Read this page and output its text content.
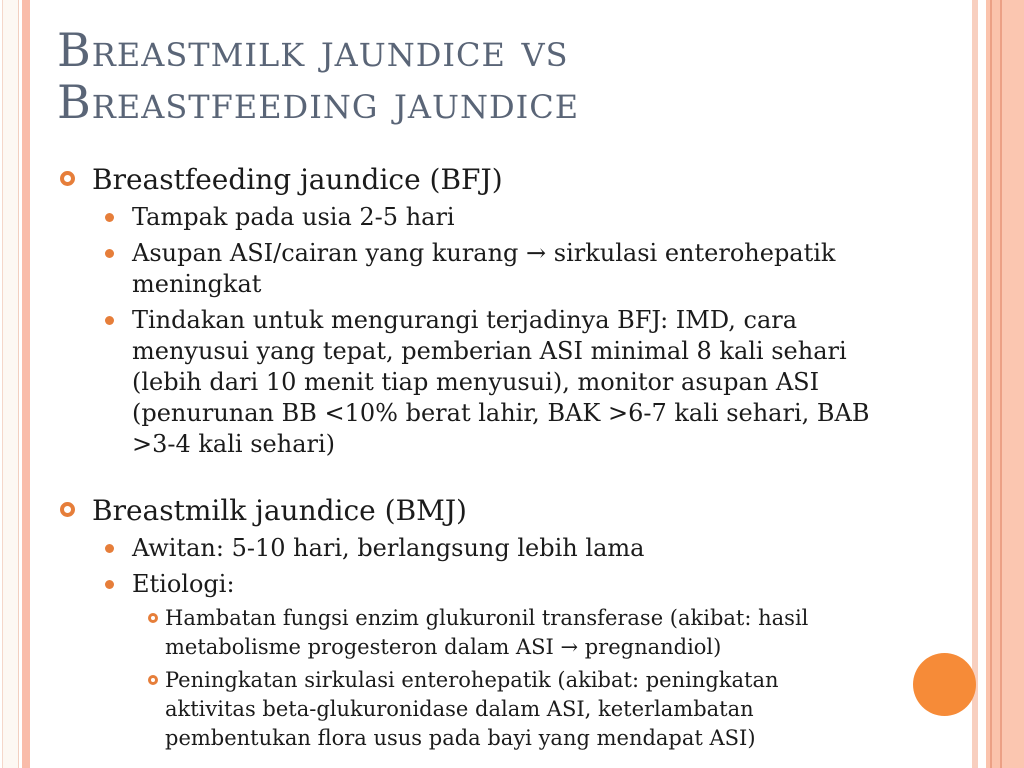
Breastmilk jaundice vs
Breastfeeding jaundice
Breastfeeding jaundice (BFJ)
Tampak pada usia 2-5 hari
Asupan ASI/cairan yang kurang → sirkulasi enterohepatik meningkat
Tindakan untuk mengurangi terjadinya BFJ: IMD, cara menyusui yang tepat, pemberian ASI minimal 8 kali sehari (lebih dari 10 menit tiap menyusui), monitor asupan ASI (penurunan BB <10% berat lahir, BAK >6-7 kali sehari, BAB >3-4 kali sehari)
Breastmilk jaundice (BMJ)
Awitan: 5-10 hari, berlangsung lebih lama
Etiologi:
Hambatan fungsi enzim glukuronil transferase (akibat: hasil metabolisme progesteron dalam ASI → pregnandiol)
Peningkatan sirkulasi enterohepatik (akibat: peningkatan aktivitas beta-glukuronidase dalam ASI, keterlambatan pembentukan flora usus pada bayi yang mendapat ASI)
